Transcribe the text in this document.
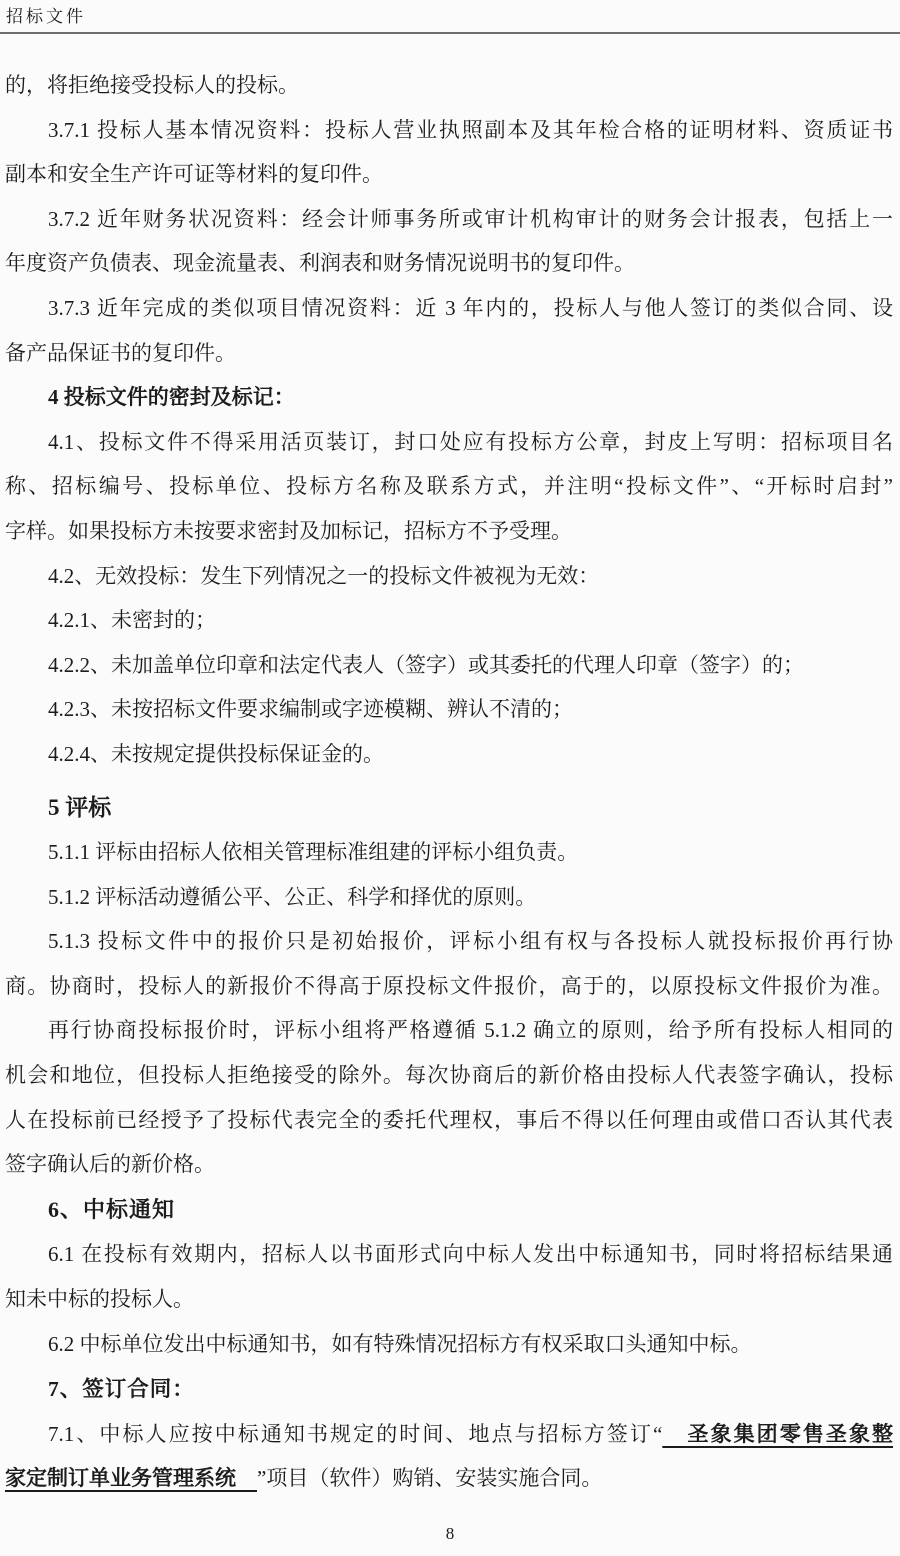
招标文件
的，将拒绝接受投标人的投标。
3.7.1 投标人基本情况资料：投标人营业执照副本及其年检合格的证明材料、资质证书
副本和安全生产许可证等材料的复印件。
3.7.2 近年财务状况资料：经会计师事务所或审计机构审计的财务会计报表，包括上一
年度资产负债表、现金流量表、利润表和财务情况说明书的复印件。
3.7.3 近年完成的类似项目情况资料：近 3 年内的，投标人与他人签订的类似合同、设
备产品保证书的复印件。
4 投标文件的密封及标记：
4.1、投标文件不得采用活页装订，封口处应有投标方公章，封皮上写明：招标项目名
称、招标编号、投标单位、投标方名称及联系方式，并注明“投标文件”、“开标时启封”
字样。如果投标方未按要求密封及加标记，招标方不予受理。
4.2、无效投标：发生下列情况之一的投标文件被视为无效：
4.2.1、未密封的；
4.2.2、未加盖单位印章和法定代表人（签字）或其委托的代理人印章（签字）的；
4.2.3、未按招标文件要求编制或字迹模糊、辨认不清的；
4.2.4、未按规定提供投标保证金的。
5 评标
5.1.1 评标由招标人依相关管理标准组建的评标小组负责。
5.1.2 评标活动遵循公平、公正、科学和择优的原则。
5.1.3 投标文件中的报价只是初始报价，评标小组有权与各投标人就投标报价再行协
商。协商时，投标人的新报价不得高于原投标文件报价，高于的，以原投标文件报价为准。
再行协商投标报价时，评标小组将严格遵循 5.1.2 确立的原则，给予所有投标人相同的
机会和地位，但投标人拒绝接受的除外。每次协商后的新价格由投标人代表签字确认，投标
人在投标前已经授予了投标代表完全的委托代理权，事后不得以任何理由或借口否认其代表
签字确认后的新价格。
6、中标通知
6.1 在投标有效期内，招标人以书面形式向中标人发出中标通知书，同时将招标结果通
知未中标的投标人。
6.2 中标单位发出中标通知书，如有特殊情况招标方有权采取口头通知中标。
7、签订合同：
7.1、中标人应按中标通知书规定的时间、地点与招标方签订“　圣象集团零售圣象整
家定制订单业务管理系统　”项目（软件）购销、安装实施合同。
8
